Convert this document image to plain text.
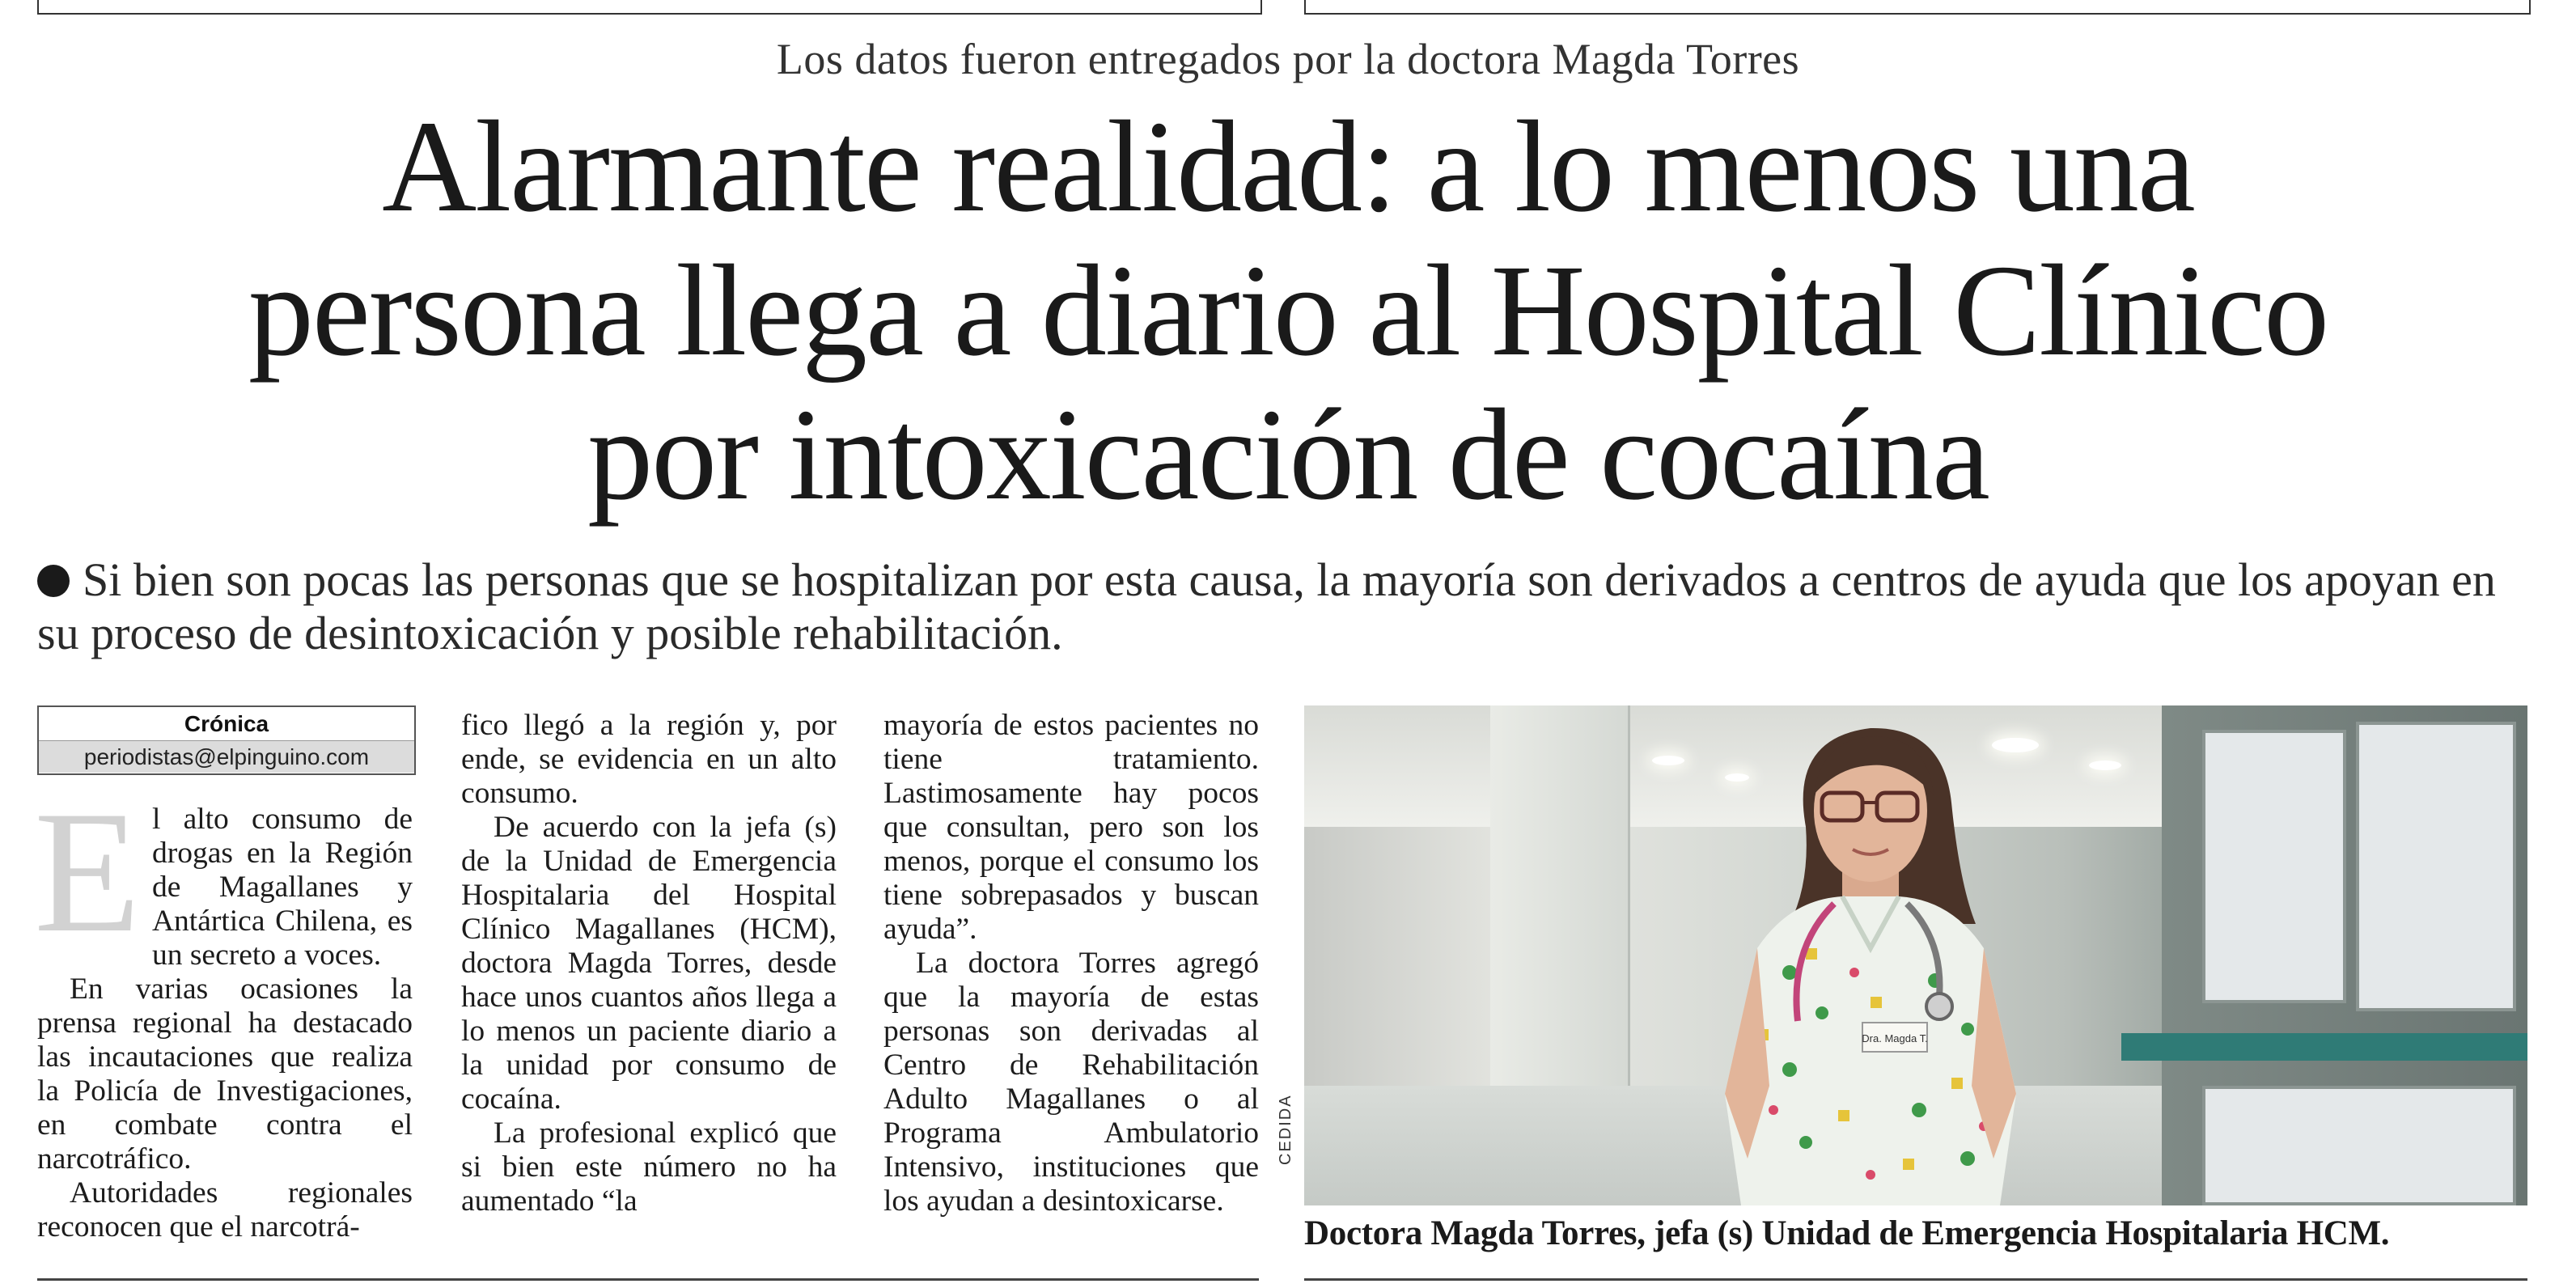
Los datos fueron entregados por la doctora Magda Torres
Alarmante realidad: a lo menos una
persona llega a diario al Hospital Clínico
por intoxicación de cocaína
Si bien son pocas las personas que se hospitalizan por esta causa, la mayoría son derivados a centros de ayuda que los apoyan en su proceso de desintoxicación y posible rehabilitación.
Crónica
periodistas@elpinguino.com

El alto consumo de drogas en la Región de Magallanes y Antártica Chilena, es un secreto a voces.

En varias ocasiones la prensa regional ha destacado las incautaciones que realiza la Policía de Investigaciones, en combate contra el narcotráfico.

Autoridades regionales reconocen que el narcotrá-

fico llegó a la región y, por ende, se evidencia en un alto consumo.

De acuerdo con la jefa (s) de la Unidad de Emergencia Hospitalaria del Hospital Clínico Magallanes (HCM), doctora Magda Torres, desde hace unos cuantos años llega a lo menos un paciente diario a la unidad por consumo de cocaína.

La profesional explicó que si bien este número no ha aumentado “la

mayoría de estos pacientes no tiene tratamiento. Lastimosamente hay pocos que consultan, pero son los menos, porque el consumo los tiene sobrepasados y buscan ayuda”.

La doctora Torres agregó que la mayoría de estas personas son derivadas al Centro de Rehabilitación Adulto Magallanes o al Programa Ambulatorio Intensivo, instituciones que los ayudan a desintoxicarse.

Dra. Magda T.
CEDIDA
Doctora Magda Torres, jefa (s) Unidad de Emergencia Hospitalaria HCM.
